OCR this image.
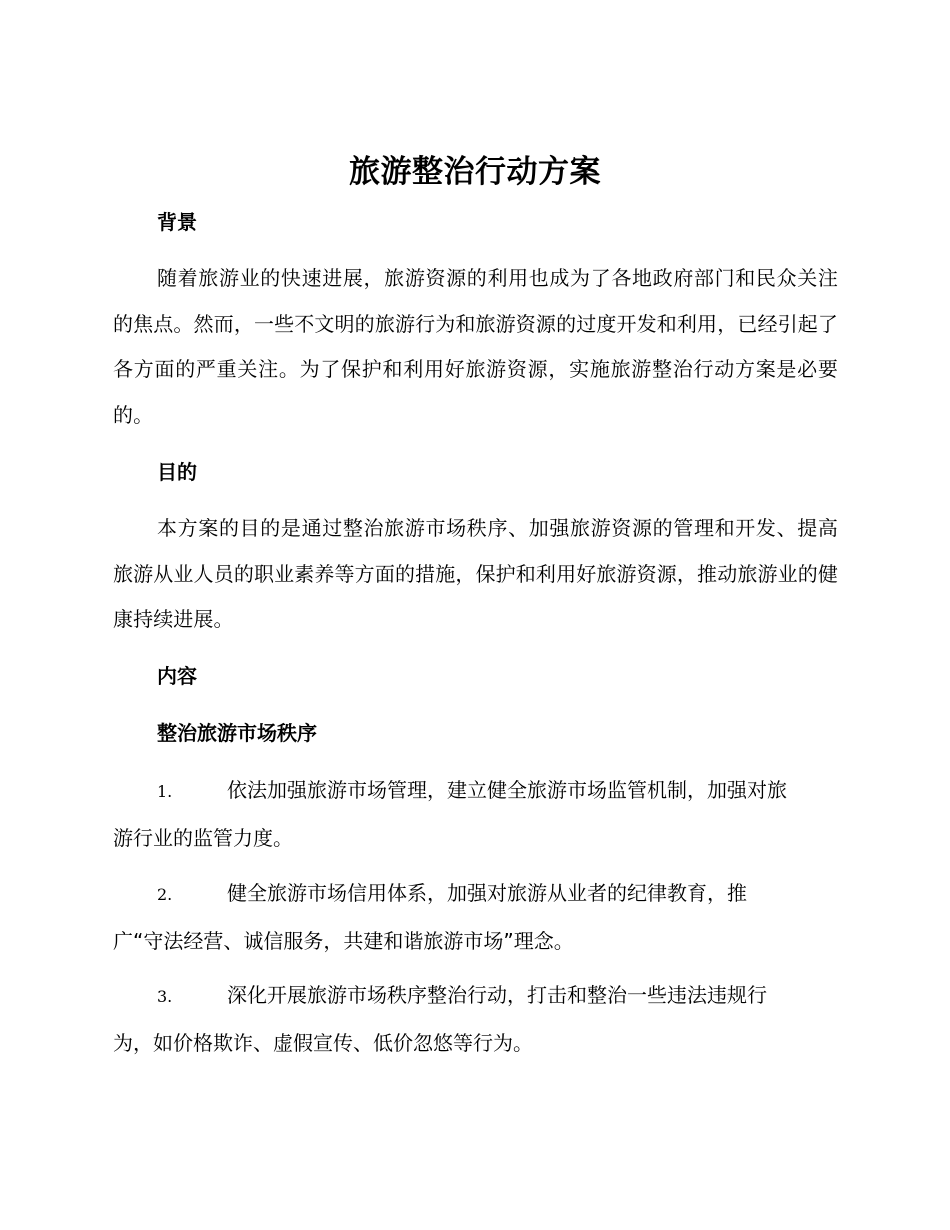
旅游整治行动方案
背景
随着旅游业的快速进展，旅游资源的利用也成为了各地政府部门和民众关注的焦点。然而，一些不文明的旅游行为和旅游资源的过度开发和利用，已经引起了各方面的严重关注。为了保护和利用好旅游资源，实施旅游整治行动方案是必要的。
目的
本方案的目的是通过整治旅游市场秩序、加强旅游资源的管理和开发、提高旅游从业人员的职业素养等方面的措施，保护和利用好旅游资源，推动旅游业的健康持续进展。
内容
整治旅游市场秩序
1.	依法加强旅游市场管理，建立健全旅游市场监管机制，加强对旅
游行业的监管力度。
2.	健全旅游市场信用体系，加强对旅游从业者的纪律教育，推
广“守法经营、诚信服务，共建和谐旅游市场”理念。
3.	深化开展旅游市场秩序整治行动，打击和整治一些违法违规行
为，如价格欺诈、虚假宣传、低价忽悠等行为。
